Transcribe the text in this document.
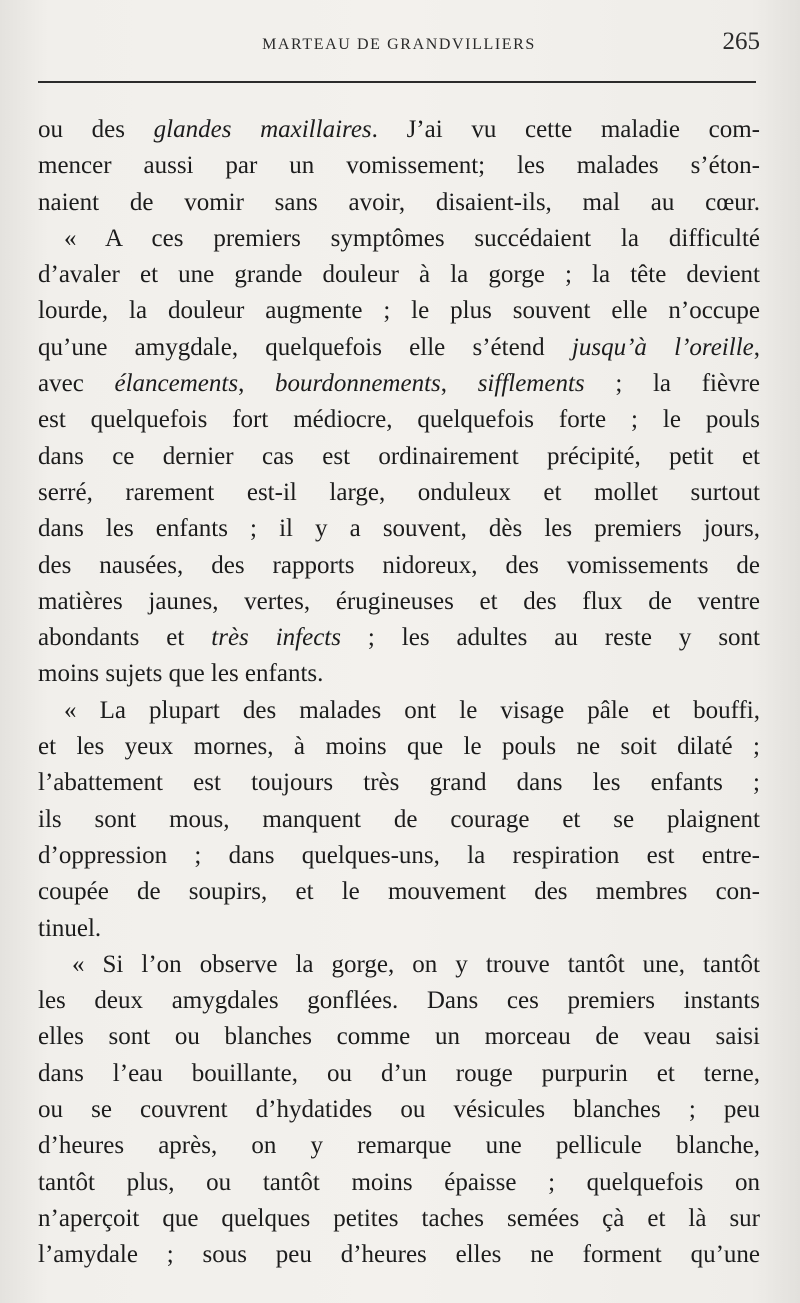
MARTEAU DE GRANDVILLIERS	265
ou des glandes maxillaires. J’ai vu cette maladie com-
mencer aussi par un vomissement; les malades s’éton-
naient de vomir sans avoir, disaient-ils, mal au cœur.
« A ces premiers symptômes succédaient la difficulté
d’avaler et une grande douleur à la gorge ; la tête devient
lourde, la douleur augmente ; le plus souvent elle n’occupe
qu’une amygdale, quelquefois elle s’étend jusqu’à l’oreille,
avec élancements, bourdonnements, sifflements ; la fièvre
est quelquefois fort médiocre, quelquefois forte ; le pouls
dans ce dernier cas est ordinairement précipité, petit et
serré, rarement est-il large, onduleux et mollet surtout
dans les enfants ; il y a souvent, dès les premiers jours,
des nausées, des rapports nidoreux, des vomissements de
matières jaunes, vertes, érugineuses et des flux de ventre
abondants et très infects ; les adultes au reste y sont
moins sujets que les enfants.
« La plupart des malades ont le visage pâle et bouffi,
et les yeux mornes, à moins que le pouls ne soit dilaté ;
l’abattement est toujours très grand dans les enfants ;
ils sont mous, manquent de courage et se plaignent
d’oppression ; dans quelques-uns, la respiration est entre-
coupée de soupirs, et le mouvement des membres con-
tinuel.
« Si l’on observe la gorge, on y trouve tantôt une, tantôt
les deux amygdales gonflées. Dans ces premiers instants
elles sont ou blanches comme un morceau de veau saisi
dans l’eau bouillante, ou d’un rouge purpurin et terne,
ou se couvrent d’hydatides ou vésicules blanches ; peu
d’heures après, on y remarque une pellicule blanche,
tantôt plus, ou tantôt moins épaisse ; quelquefois on
n’aperçoit que quelques petites taches semées çà et là sur
l’amydale ; sous peu d’heures elles ne forment qu’une
